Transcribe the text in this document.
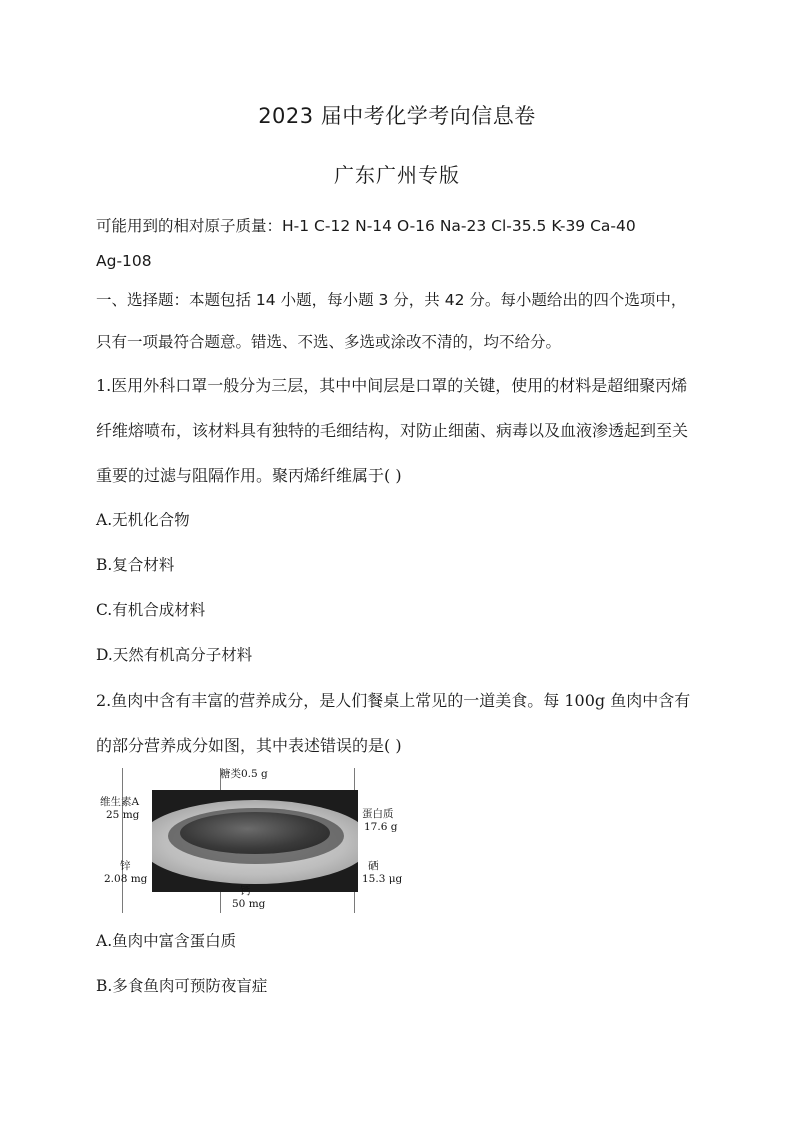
2023 届中考化学考向信息卷
广东广州专版
可能用到的相对原子质量：H-1 C-12 N-14 O-16 Na-23 Cl-35.5 K-39 Ca-40
Ag-108
一、选择题：本题包括 14 小题，每小题 3 分，共 42 分。每小题给出的四个选项中，
只有一项最符合题意。错选、不选、多选或涂改不清的，均不给分。
1.医用外科口罩一般分为三层，其中中间层是口罩的关键，使用的材料是超细聚丙烯
纤维熔喷布，该材料具有独特的毛细结构，对防止细菌、病毒以及血液渗透起到至关
重要的过滤与阻隔作用。聚丙烯纤维属于( )
A.无机化合物
B.复合材料
C.有机合成材料
D.天然有机高分子材料
2.鱼肉中含有丰富的营养成分，是人们餐桌上常见的一道美食。每 100g 鱼肉中含有
的部分营养成分如图，其中表述错误的是( )
糖类0.5 g
维生素A
25 mg	蛋白质
17.6 g
锌
2.08 mg
硒
15.3 μg
钙
50 mg
A.鱼肉中富含蛋白质
B.多食鱼肉可预防夜盲症
